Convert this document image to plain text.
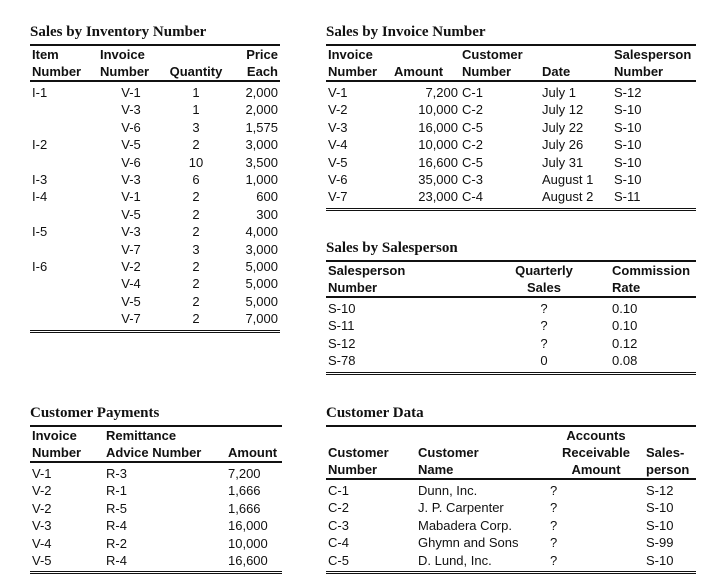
Sales by Inventory Number
Item	Invoice		Price
Number	Number	Quantity	Each
I-1	V-1	1	2,000
	V-3	1	2,000
	V-6	3	1,575
I-2	V-5	2	3,000
	V-6	10	3,500
I-3	V-3	6	1,000
I-4	V-1	2	600
	V-5	2	300
I-5	V-3	2	4,000
	V-7	3	3,000
I-6	V-2	2	5,000
	V-4	2	5,000
	V-5	2	5,000
	V-7	2	7,000
Sales by Invoice Number
Invoice		Customer		Salesperson
Number	Amount	Number	Date	Number
V-1	7,200	C-1	July 1	S-12
V-2	10,000	C-2	July 12	S-10
V-3	16,000	C-5	July 22	S-10
V-4	10,000	C-2	July 26	S-10
V-5	16,600	C-5	July 31	S-10
V-6	35,000	C-3	August 1	S-10
V-7	23,000	C-4	August 2	S-11
Sales by Salesperson
Salesperson	Quarterly	Commission
Number	Sales	Rate
S-10	?	0.10
S-11	?	0.10
S-12	?	0.12
S-78	0	0.08
Customer Payments
Invoice	Remittance	
Number	Advice Number	Amount
V-1	R-3	7,200
V-2	R-1	1,666
V-2	R-5	1,666
V-3	R-4	16,000
V-4	R-2	10,000
V-5	R-4	16,600
Customer Data
		Accounts	
Customer	Customer	Receivable	Sales-
Number	Name	Amount	person
C-1	Dunn, Inc.	?	S-12
C-2	J. P. Carpenter	?	S-10
C-3	Mabadera Corp.	?	S-10
C-4	Ghymn and Sons	?	S-99
C-5	D. Lund, Inc.	?	S-10
